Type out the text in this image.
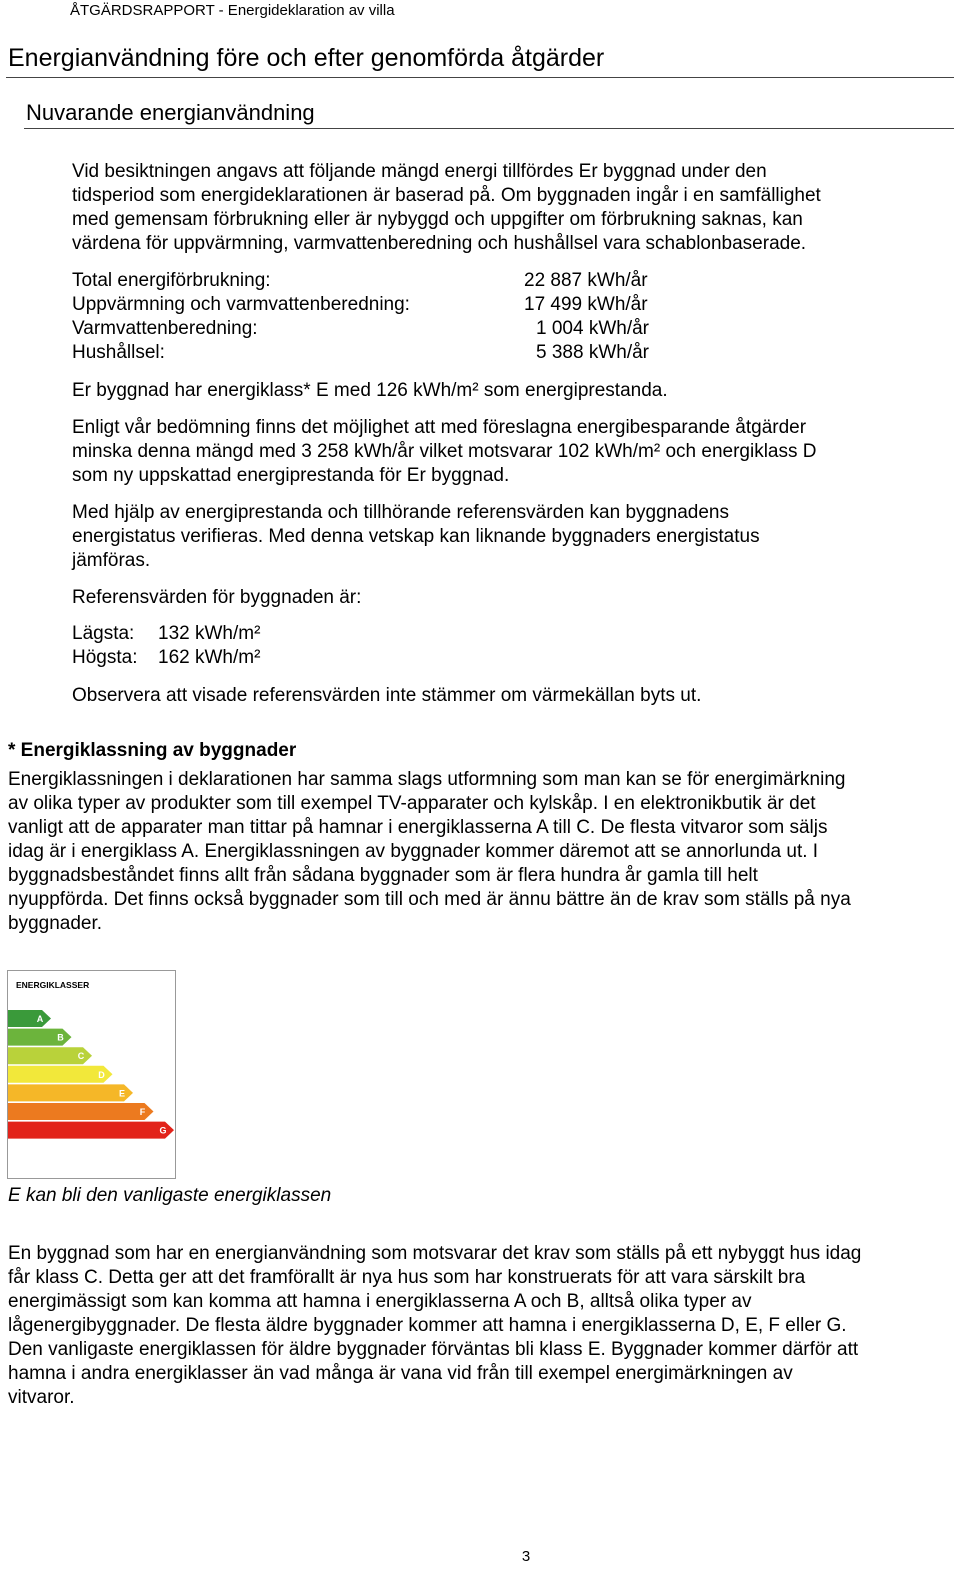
ÅTGÄRDSRAPPORT - Energideklaration av villa
Energianvändning före och efter genomförda åtgärder
Nuvarande energianvändning

Vid besiktningen angavs att följande mängd energi tillfördes Er byggnad under den

tidsperiod som energideklarationen är baserad på. Om byggnaden ingår i en samfällighet

med gemensam förbrukning eller är nybyggd och uppgifter om förbrukning saknas, kan

värdena för uppvärmning, varmvattenberedning och hushållsel vara schablonbaserade.

Total energiförbrukning:	22 887 kWh/år
Uppvärmning och varmvattenberedning:	17 499 kWh/år
Varmvattenberedning:	1 004 kWh/år
Hushållsel:	5 388 kWh/år

Er byggnad har energiklass* E med 126 kWh/m² som energiprestanda.

Enligt vår bedömning finns det möjlighet att med föreslagna energibesparande åtgärder

minska denna mängd med 3 258 kWh/år vilket motsvarar 102 kWh/m² och energiklass D

som ny uppskattad energiprestanda för Er byggnad.

Med hjälp av energiprestanda och tillhörande referensvärden kan byggnadens

energistatus verifieras. Med denna vetskap kan liknande byggnaders energistatus

jämföras.

Referensvärden för byggnaden är:

Lägsta: 132 kWh/m²
Högsta: 162 kWh/m²

Observera att visade referensvärden inte stämmer om värmekällan byts ut.

* Energiklassning av byggnader

Energiklassningen i deklarationen har samma slags utformning som man kan se för energimärkning

av olika typer av produkter som till exempel TV-apparater och kylskåp. I en elektronikbutik är det

vanligt att de apparater man tittar på hamnar i energiklasserna A till C. De flesta vitvaror som säljs

idag är i energiklass A. Energiklassningen av byggnader kommer däremot att se annorlunda ut. I

byggnadsbeståndet finns allt från sådana byggnader som är flera hundra år gamla till helt

nyuppförda. Det finns också byggnader som till och med är ännu bättre än de krav som ställs på nya

byggnader.

ENERGIKLASSER
A
B
C
D
E
F
G

E kan bli den vanligaste energiklassen

En byggnad som har en energianvändning som motsvarar det krav som ställs på ett nybyggt hus idag

får klass C. Detta ger att det framförallt är nya hus som har konstruerats för att vara särskilt bra

energimässigt som kan komma att hamna i energiklasserna A och B, alltså olika typer av

lågenergibyggnader. De flesta äldre byggnader kommer att hamna i energiklasserna D, E, F eller G.

Den vanligaste energiklassen för äldre byggnader förväntas bli klass E. Byggnader kommer därför att

hamna i andra energiklasser än vad många är vana vid från till exempel energimärkningen av

vitvaror.

3
